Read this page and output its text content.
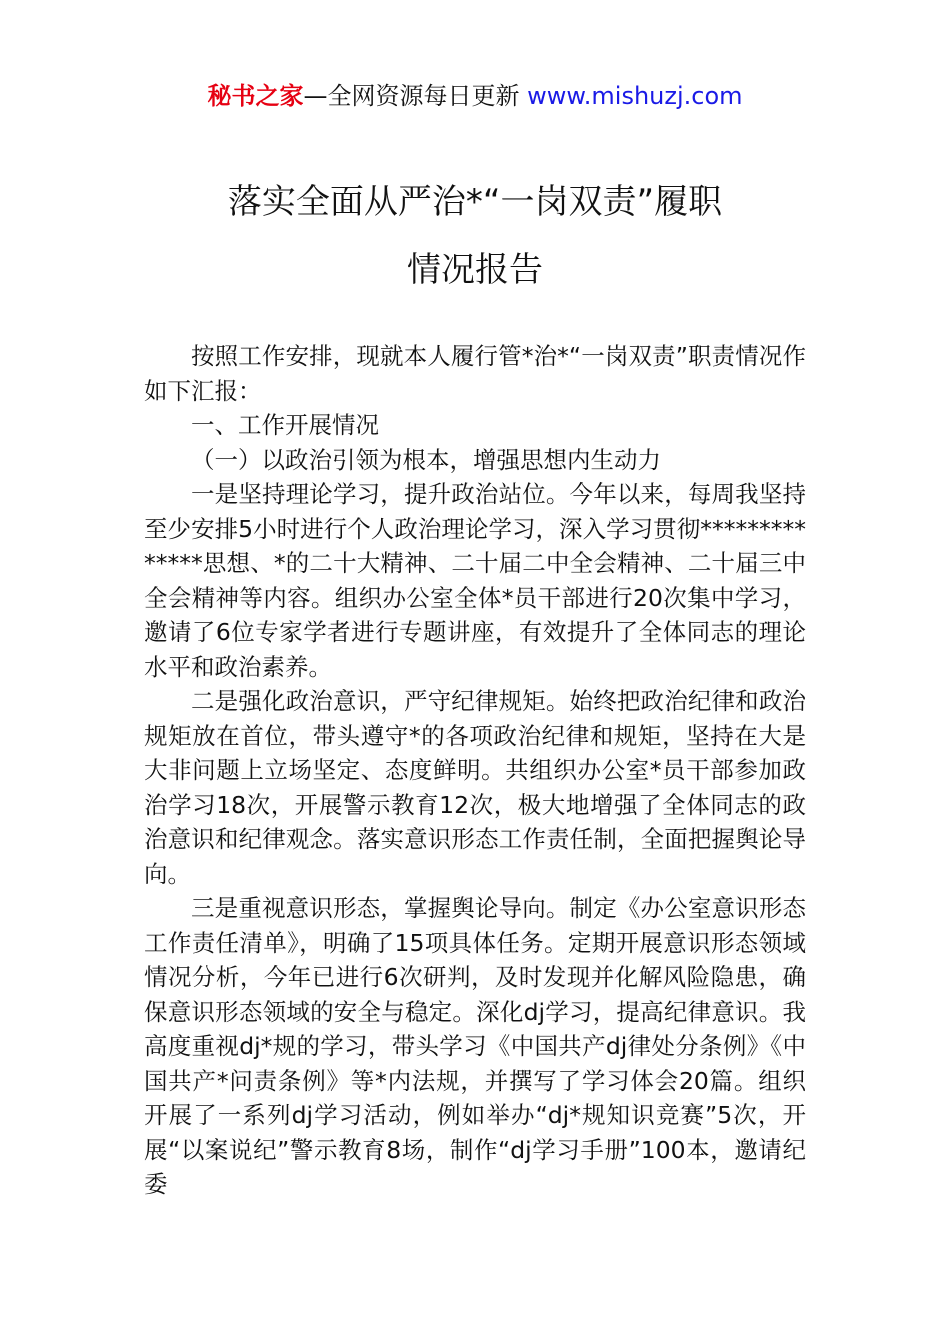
秘书之家—全网资源每日更新 www.mishuzj.com
落实全面从严治*“一岗双责”履职
情况报告

按照工作安排，现就本人履行管*治*“一岗双责”职责情况作如下汇报：

一、工作开展情况

（一）以政治引领为根本，增强思想内生动力

一是坚持理论学习，提升政治站位。今年以来，每周我坚持至少安排5小时进行个人政治理论学习，深入学习贯彻**************思想、*的二十大精神、二十届二中全会精神、二十届三中全会精神等内容。组织办公室全体*员干部进行20次集中学习，邀请了6位专家学者进行专题讲座，有效提升了全体同志的理论水平和政治素养。

二是强化政治意识，严守纪律规矩。始终把政治纪律和政治规矩放在首位，带头遵守*的各项政治纪律和规矩，坚持在大是大非问题上立场坚定、态度鲜明。共组织办公室*员干部参加政治学习18次，开展警示教育12次，极大地增强了全体同志的政治意识和纪律观念。落实意识形态工作责任制，全面把握舆论导向。

三是重视意识形态，掌握舆论导向。制定《办公室意识形态工作责任清单》，明确了15项具体任务。定期开展意识形态领域情况分析，今年已进行6次研判，及时发现并化解风险隐患，确保意识形态领域的安全与稳定。深化dj学习，提高纪律意识。我高度重视dj*规的学习，带头学习《中国共产dj律处分条例》《中国共产*问责条例》等*内法规，并撰写了学习体会20篇。组织开展了一系列dj学习活动，例如举办“dj*规知识竞赛”5次，开展“以案说纪”警示教育8场，制作“dj学习手册”100本，邀请纪委
